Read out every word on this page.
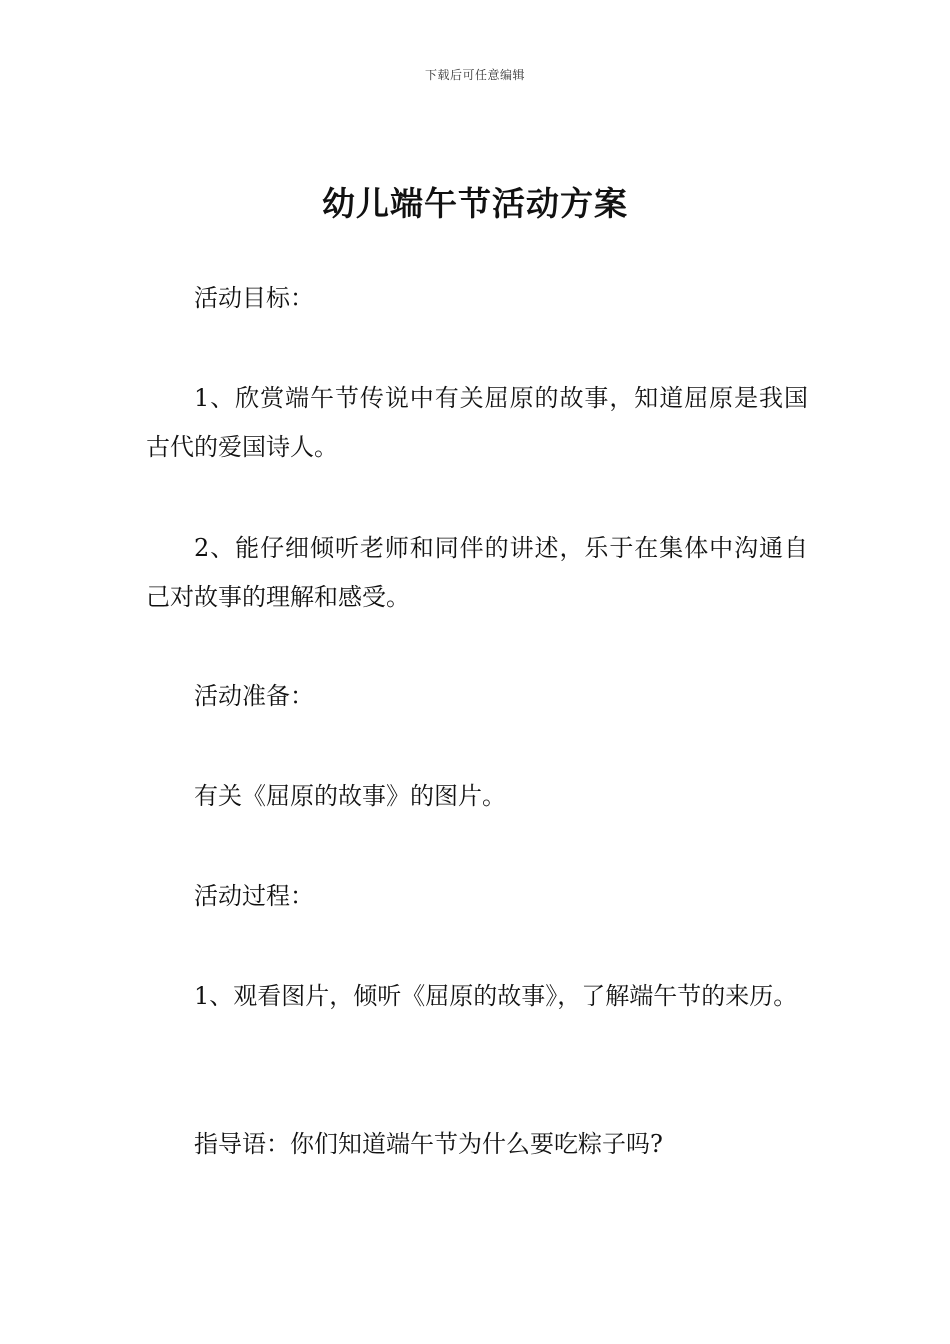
下载后可任意编辑
幼儿端午节活动方案

活动目标：

1、欣赏端午节传说中有关屈原的故事，知道屈原是我国古代的爱国诗人。

2、能仔细倾听老师和同伴的讲述，乐于在集体中沟通自己对故事的理解和感受。

活动准备：

有关《屈原的故事》的图片。

活动过程：

1、观看图片，倾听《屈原的故事》，了解端午节的来历。

指导语：你们知道端午节为什么要吃粽子吗?
